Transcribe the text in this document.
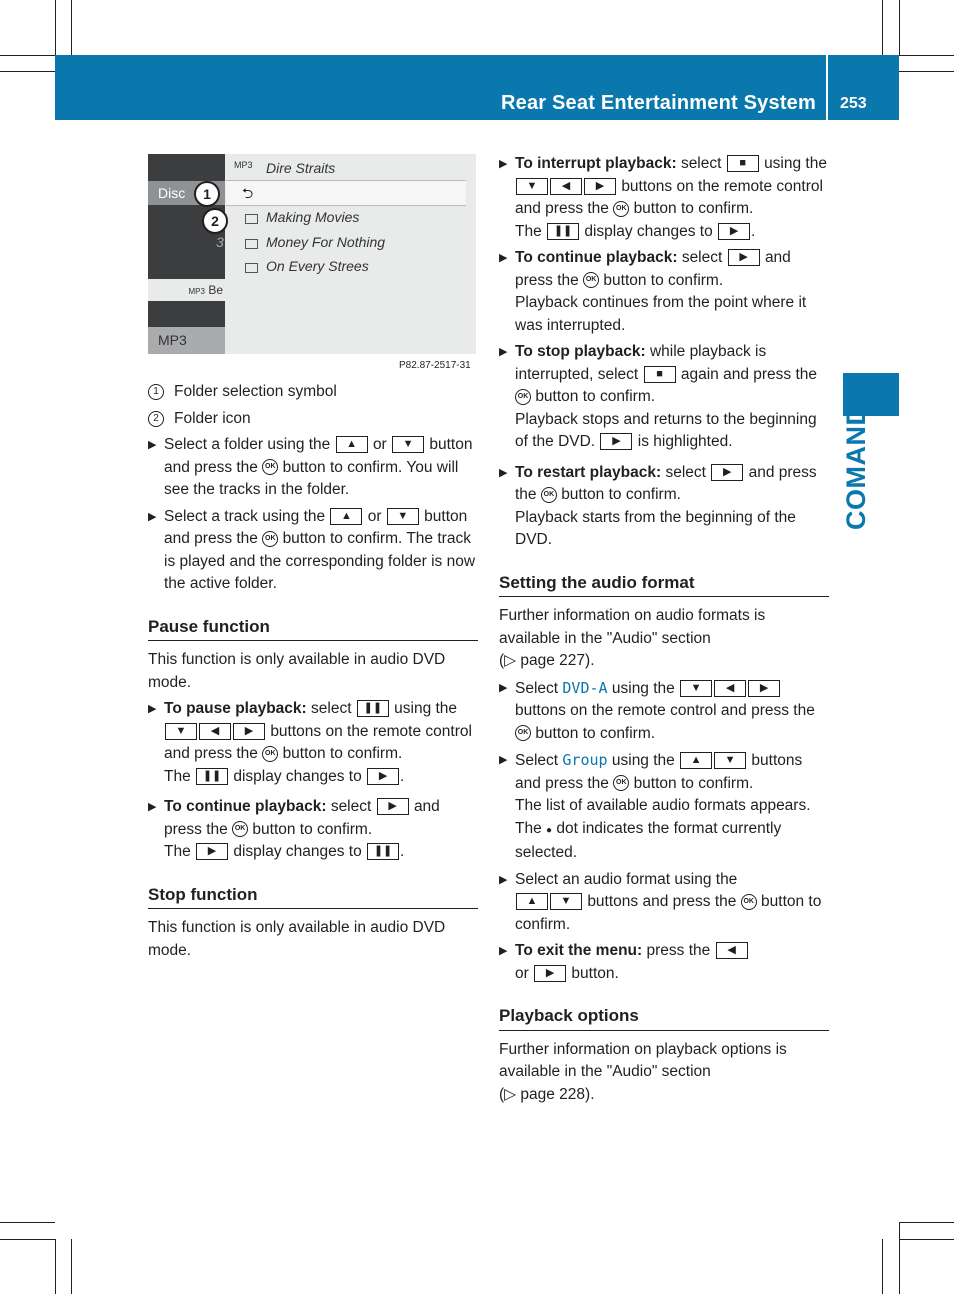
Rear Seat Entertainment System 253
COMAND
Disc
3
MP3 Be
MP3
MP3 Dire Straits
⮌
Making Movies
Money For Nothing
On Every Strees
1
2
P82.87-2517-31
1 Folder selection symbol
2 Folder icon
▶ Select a folder using the ▲ or ▼ button and press the OK button to confirm. You will see the tracks in the folder.
▶ Select a track using the ▲ or ▼ button and press the OK button to confirm. The track is played and the corresponding folder is now the active folder.
Pause function

This function is only available in audio DVD mode.

▶ To pause playback: select ❚❚ using the ▼ ◀ ▶ buttons on the remote control and press the OK button to confirm.
The ❚❚ display changes to ▶ .
▶ To continue playback: select ▶ and press the OK button to confirm.
The ▶ display changes to ❚❚ .
Stop function

This function is only available in audio DVD mode.

▶ To interrupt playback: select ■ using the ▼ ◀ ▶ buttons on the remote control and press the OK button to confirm.
The ❚❚ display changes to ▶ .
▶ To continue playback: select ▶ and press the OK button to confirm.
Playback continues from the point where it was interrupted.
▶ To stop playback: while playback is interrupted, select ■ again and press the OK button to confirm.
Playback stops and returns to the beginning of the DVD. ▶ is highlighted.
▶ To restart playback: select ▶ and press the OK button to confirm.
Playback starts from the beginning of the DVD.
Setting the audio format

Further information on audio formats is available in the "Audio" section

(▷ page 227).

▶ Select DVD-A using the ▼ ◀ ▶ buttons on the remote control and press the OK button to confirm.
▶ Select Group using the ▲ ▼ buttons and press the OK button to confirm.
The list of available audio formats appears. The ● dot indicates the format currently selected.
▶ Select an audio format using the
▲ ▼ buttons and press the OK button to confirm.
▶ To exit the menu: press the ◀
or ▶ button.
Playback options

Further information on playback options is available in the "Audio" section

(▷ page 228).
